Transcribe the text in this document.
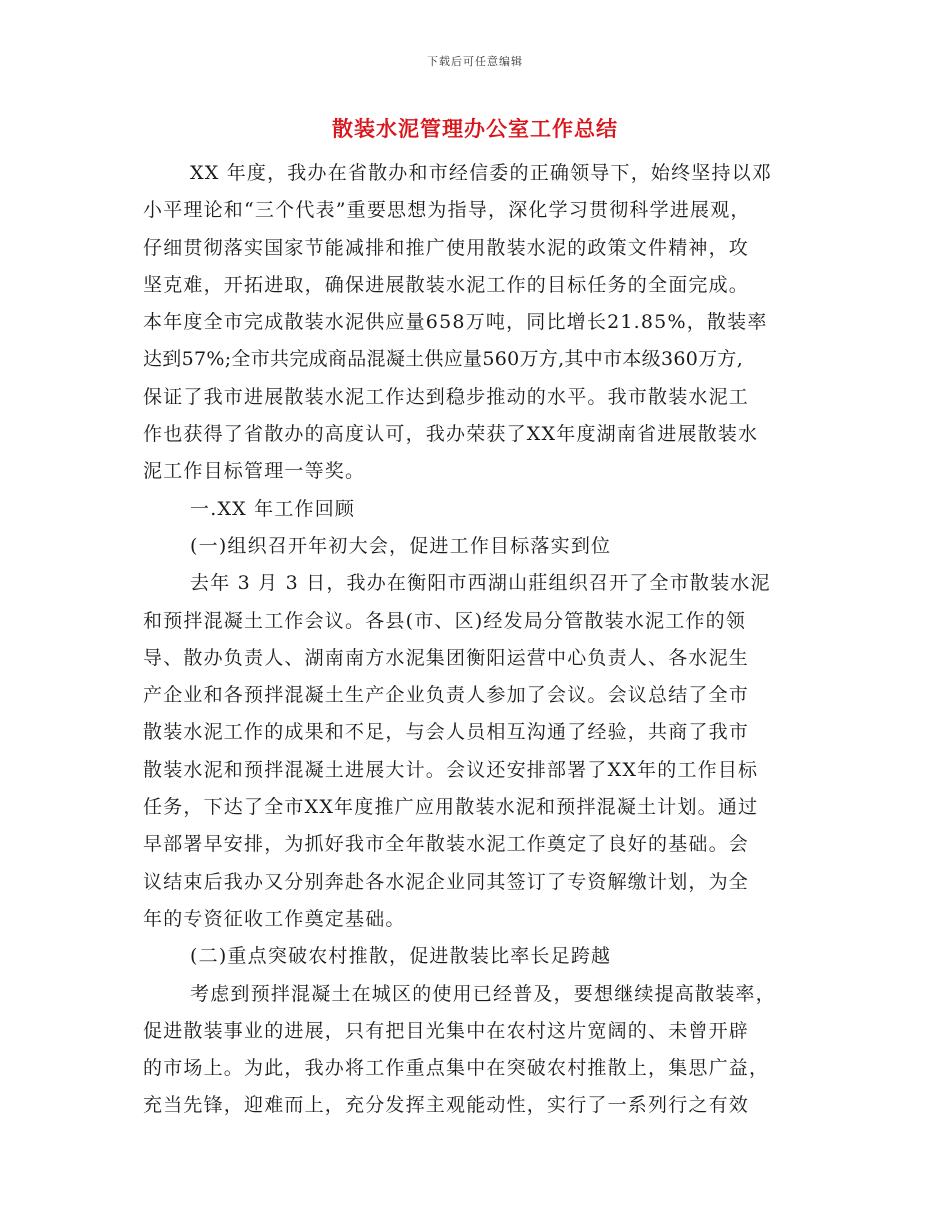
下载后可任意编辑
散装水泥管理办公室工作总结
XX 年度，我办在省散办和市经信委的正确领导下，始终坚持以邓
小平理论和“三个代表”重要思想为指导，深化学习贯彻科学进展观，
仔细贯彻落实国家节能减排和推广使用散装水泥的政策文件精神，攻
坚克难，开拓进取，确保进展散装水泥工作的目标任务的全面完成。
本年度全市完成散装水泥供应量658万吨，同比增长21.85%，散装率
达到57%;全市共完成商品混凝土供应量560万方,其中市本级360万方,
保证了我市进展散装水泥工作达到稳步推动的水平。我市散装水泥工
作也获得了省散办的高度认可，我办荣获了XX年度湖南省进展散装水
泥工作目标管理一等奖。
一.XX 年工作回顾
(一)组织召开年初大会，促进工作目标落实到位
去年 3 月 3 日，我办在衡阳市西湖山莊组织召开了全市散装水泥
和预拌混凝土工作会议。各县(市、区)经发局分管散装水泥工作的领
导、散办负责人、湖南南方水泥集团衡阳运营中心负责人、各水泥生
产企业和各预拌混凝土生产企业负责人参加了会议。会议总结了全市
散装水泥工作的成果和不足，与会人员相互沟通了经验，共商了我市
散装水泥和预拌混凝土进展大计。会议还安排部署了XX年的工作目标
任务，下达了全市XX年度推广应用散装水泥和预拌混凝土计划。通过
早部署早安排，为抓好我市全年散装水泥工作奠定了良好的基础。会
议结束后我办又分别奔赴各水泥企业同其签订了专资解缴计划，为全
年的专资征收工作奠定基础。
(二)重点突破农村推散，促进散装比率长足跨越
考虑到预拌混凝土在城区的使用已经普及，要想继续提高散装率，
促进散装事业的进展，只有把目光集中在农村这片宽阔的、未曾开辟
的市场上。为此，我办将工作重点集中在突破农村推散上，集思广益，
充当先锋，迎难而上，充分发挥主观能动性，实行了一系列行之有效
